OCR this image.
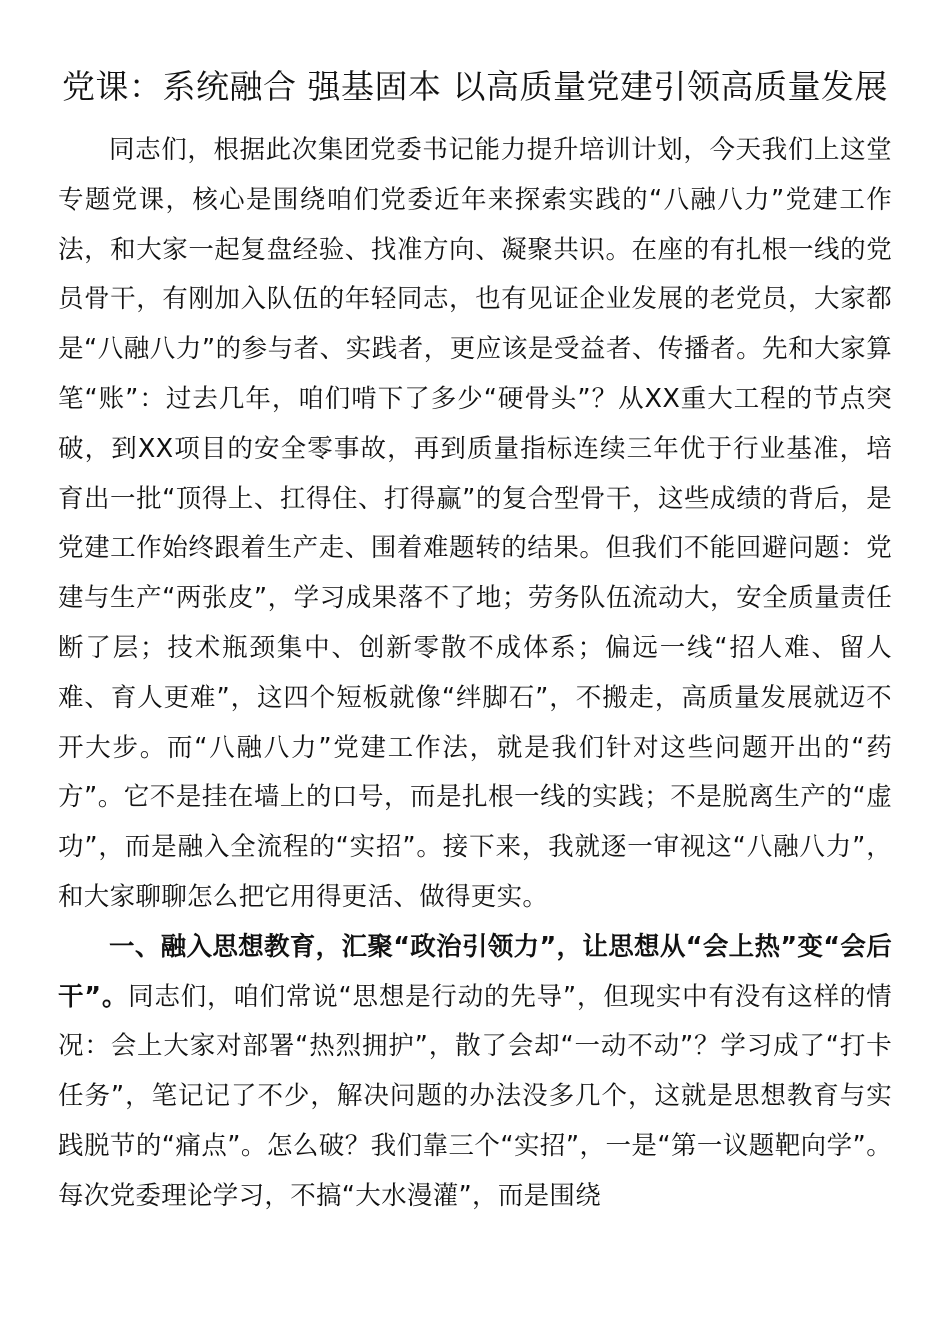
党课：系统融合 强基固本 以高质量党建引领高质量发展

同志们，根据此次集团党委书记能力提升培训计划，今天我们上这堂专题党课，核心是围绕咱们党委近年来探索实践的“八融八力”党建工作法，和大家一起复盘经验、找准方向、凝聚共识。在座的有扎根一线的党员骨干，有刚加入队伍的年轻同志，也有见证企业发展的老党员，大家都是“八融八力”的参与者、实践者，更应该是受益者、传播者。先和大家算笔“账”：过去几年，咱们啃下了多少“硬骨头”？从XX重大工程的节点突破，到XX项目的安全零事故，再到质量指标连续三年优于行业基准，培育出一批“顶得上、扛得住、打得赢”的复合型骨干，这些成绩的背后，是党建工作始终跟着生产走、围着难题转的结果。但我们不能回避问题：党建与生产“两张皮”，学习成果落不了地；劳务队伍流动大，安全质量责任断了层；技术瓶颈集中、创新零散不成体系；偏远一线“招人难、留人难、育人更难”，这四个短板就像“绊脚石”，不搬走，高质量发展就迈不开大步。而“八融八力”党建工作法，就是我们针对这些问题开出的“药方”。它不是挂在墙上的口号，而是扎根一线的实践；不是脱离生产的“虚功”，而是融入全流程的“实招”。接下来，我就逐一审视这“八融八力”，和大家聊聊怎么把它用得更活、做得更实。

一、融入思想教育，汇聚“政治引领力”，让思想从“会上热”变“会后干”。同志们，咱们常说“思想是行动的先导”，但现实中有没有这样的情况：会上大家对部署“热烈拥护”，散了会却“一动不动”？学习成了“打卡任务”，笔记记了不少，解决问题的办法没多几个，这就是思想教育与实践脱节的“痛点”。怎么破？我们靠三个“实招”，一是“第一议题靶向学”。每次党委理论学习，不搞“大水漫灌”，而是围绕
